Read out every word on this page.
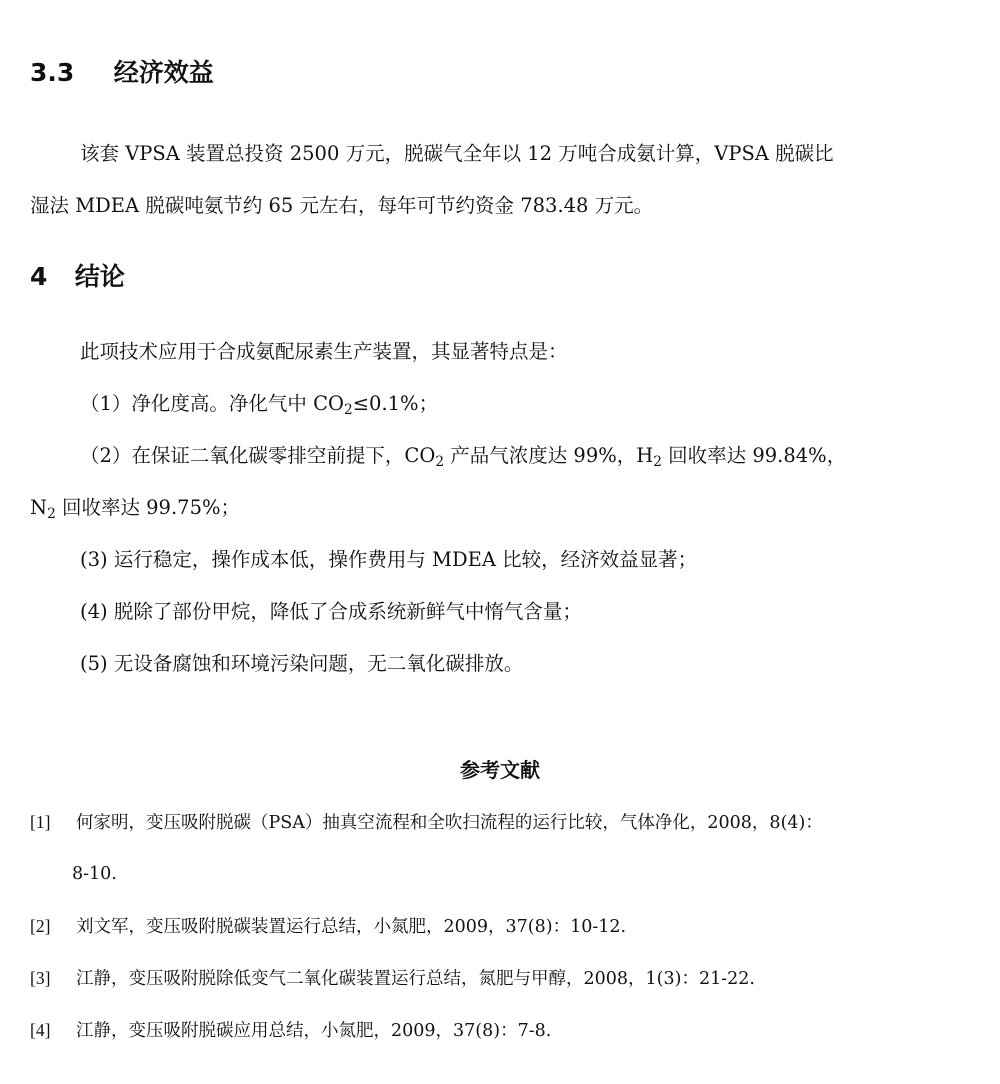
3.3 经济效益

该套 VPSA 装置总投资 2500 万元，脱碳气全年以 12 万吨合成氨计算，VPSA 脱碳比

湿法 MDEA 脱碳吨氨节约 65 元左右，每年可节约资金 783.48 万元。

4 结论

此项技术应用于合成氨配尿素生产装置，其显著特点是：

（1）净化度高。净化气中 $CO_2\le 0.1\%$；

（2）在保证二氧化碳零排空前提下，$CO_2$ 产品气浓度达 99%，$H_2$ 回收率达 99.84%，

$N_2$ 回收率达 99.75%；

(3) 运行稳定，操作成本低，操作费用与 MDEA 比较，经济效益显著；

(4) 脱除了部份甲烷，降低了合成系统新鲜气中惰气含量；

(5) 无设备腐蚀和环境污染问题，无二氧化碳排放。

参考文献

[1] 何家明，变压吸附脱碳（PSA）抽真空流程和全吹扫流程的运行比较，气体净化，2008，8(4)：

8-10.

[2] 刘文军，变压吸附脱碳装置运行总结，小氮肥，2009，37(8)：10-12.

[3] 江静，变压吸附脱除低变气二氧化碳装置运行总结，氮肥与甲醇，2008，1(3)：21-22.

[4] 江静，变压吸附脱碳应用总结，小氮肥，2009，37(8)：7-8.
